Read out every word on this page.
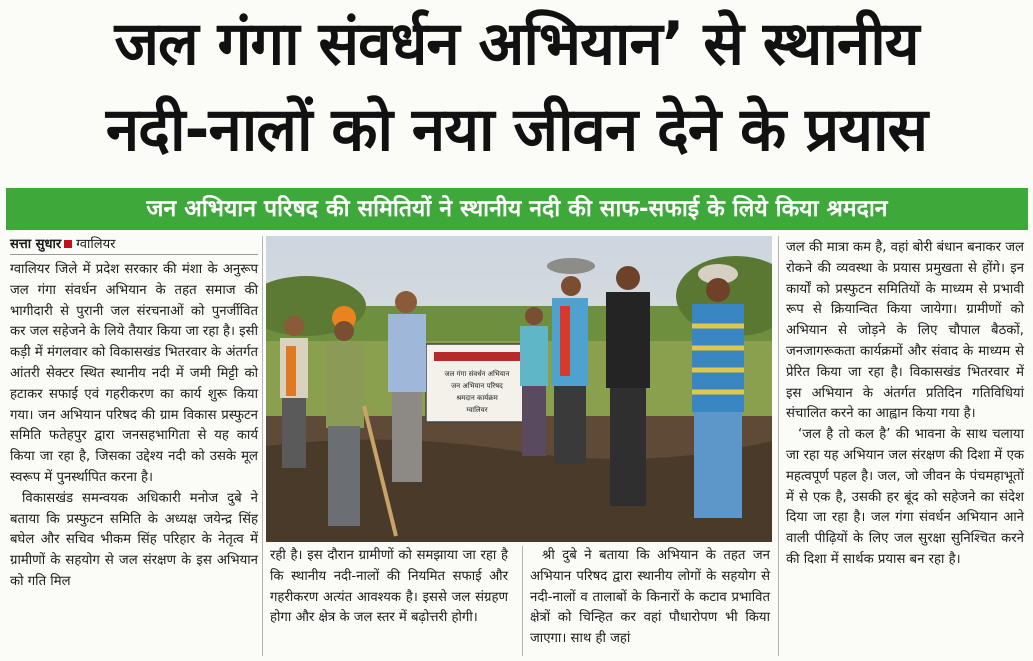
जल गंगा संवर्धन अभियान’ से स्थानीय
नदी-नालों को नया जीवन देने के प्रयास
जन अभियान परिषद की समितियों ने स्थानीय नदी की साफ-सफाई के लिये किया श्रमदान
सत्ता सुधार ग्वालियर

ग्वालियर जिले में प्रदेश सरकार की मंशा के अनुरूप जल गंगा संवर्धन अभियान के तहत समाज की भागीदारी से पुरानी जल संरचनाओं को पुनर्जीवित कर जल सहेजने के लिये तैयार किया जा रहा है। इसी कड़ी में मंगलवार को विकासखंड भितरवार के अंतर्गत आंतरी सेक्टर स्थित स्थानीय नदी में जमी मिट्टी को हटाकर सफाई एवं गहरीकरण का कार्य शुरू किया गया। जन अभियान परिषद की ग्राम विकास प्रस्फुटन समिति फतेहपुर द्वारा जनसहभागिता से यह कार्य किया जा रहा है, जिसका उद्देश्य नदी को उसके मूल स्वरूप में पुनर्स्थापित करना है।

विकासखंड समन्वयक अधिकारी मनोज दुबे ने बताया कि प्रस्फुटन समिति के अध्यक्ष जयेन्द्र सिंह बघेल और सचिव भीकम सिंह परिहार के नेतृत्व में ग्रामीणों के सहयोग से जल संरक्षण के इस अभियान को गति मिल

जल गंगा संवर्धन अभियान
जन अभियान परिषद
श्रमदान कार्यक्रम
ग्वालियर

रही है। इस दौरान ग्रामीणों को समझाया जा रहा है कि स्थानीय नदी-नालों की नियमित सफाई और गहरीकरण अत्यंत आवश्यक है। इससे जल संग्रहण होगा और क्षेत्र के जल स्तर में बढ़ोत्तरी होगी।

श्री दुबे ने बताया कि अभियान के तहत जन अभियान परिषद द्वारा स्थानीय लोगों के सहयोग से नदी-नालों व तालाबों के किनारों के कटाव प्रभावित क्षेत्रों को चिन्हित कर वहां पौधारोपण भी किया जाएगा। साथ ही जहां

जल की मात्रा कम है, वहां बोरी बंधान बनाकर जल रोकने की व्यवस्था के प्रयास प्रमुखता से होंगे। इन कार्यों को प्रस्फुटन समितियों के माध्यम से प्रभावी रूप से क्रियान्वित किया जायेगा। ग्रामीणों को अभियान से जोड़ने के लिए चौपाल बैठकों, जनजागरूकता कार्यक्रमों और संवाद के माध्यम से प्रेरित किया जा रहा है। विकासखंड भितरवार में इस अभियान के अंतर्गत प्रतिदिन गतिविधियां संचालित करने का आह्वान किया गया है।

‘जल है तो कल है’ की भावना के साथ चलाया जा रहा यह अभियान जल संरक्षण की दिशा में एक महत्वपूर्ण पहल है। जल, जो जीवन के पंचमहाभूतों में से एक है, उसकी हर बूंद को सहेजने का संदेश दिया जा रहा है। जल गंगा संवर्धन अभियान आने वाली पीढ़ियों के लिए जल सुरक्षा सुनिश्चित करने की दिशा में सार्थक प्रयास बन रहा है।
